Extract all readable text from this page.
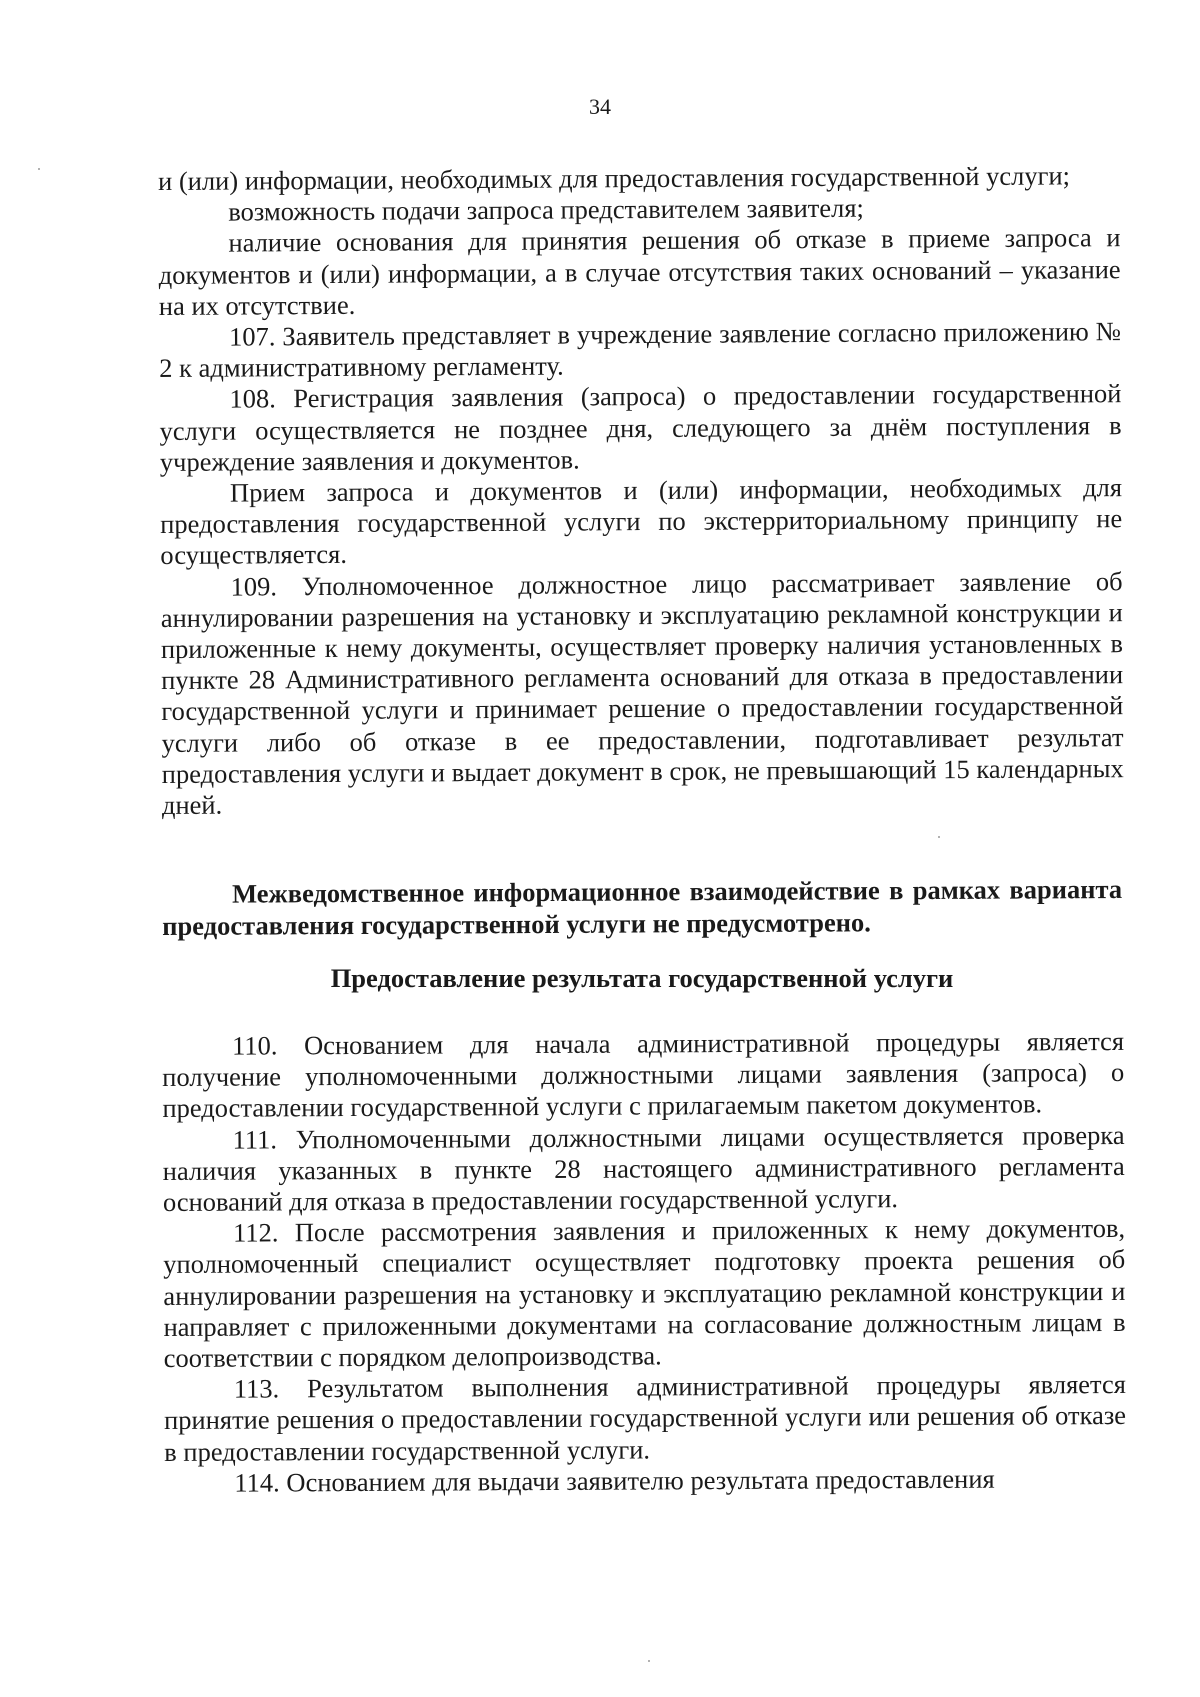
34

и (или) информации, необходимых для предоставления государственной услуги;

возможность подачи запроса представителем заявителя;

наличие основания для принятия решения об отказе в приеме запроса и документов и (или) информации, а в случае отсутствия таких оснований – указание на их отсутствие.

107. Заявитель представляет в учреждение заявление согласно приложению № 2 к административному регламенту.

108. Регистрация заявления (запроса) о предоставлении государственной услуги осуществляется не позднее дня, следующего за днём поступления в учреждение заявления и документов.

Прием запроса и документов и (или) информации, необходимых для предоставления государственной услуги по экстерриториальному принципу не осуществляется.

109. Уполномоченное должностное лицо рассматривает заявление об аннулировании разрешения на установку и эксплуатацию рекламной конструкции и приложенные к нему документы, осуществляет проверку наличия установленных в пункте 28 Административного регламента оснований для отказа в предоставлении государственной услуги и принимает решение о предоставлении государственной услуги либо об отказе в ее предоставлении, подготавливает результат предоставления услуги и выдает документ в срок, не превышающий 15 календарных дней.

Межведомственное информационное взаимодействие в рамках варианта предоставления государственной услуги не предусмотрено.
Предоставление результата государственной услуги

110. Основанием для начала административной процедуры является получение уполномоченными должностными лицами заявления (запроса) о предоставлении государственной услуги с прилагаемым пакетом документов.

111. Уполномоченными должностными лицами осуществляется проверка наличия указанных в пункте 28 настоящего административного регламента оснований для отказа в предоставлении государственной услуги.

112. После рассмотрения заявления и приложенных к нему документов, уполномоченный специалист осуществляет подготовку проекта решения об аннулировании разрешения на установку и эксплуатацию рекламной конструкции и направляет с приложенными документами на согласование должностным лицам в соответствии с порядком делопроизводства.

113. Результатом выполнения административной процедуры является принятие решения о предоставлении государственной услуги или решения об отказе в предоставлении государственной услуги.

114. Основанием для выдачи заявителю результата предоставления
